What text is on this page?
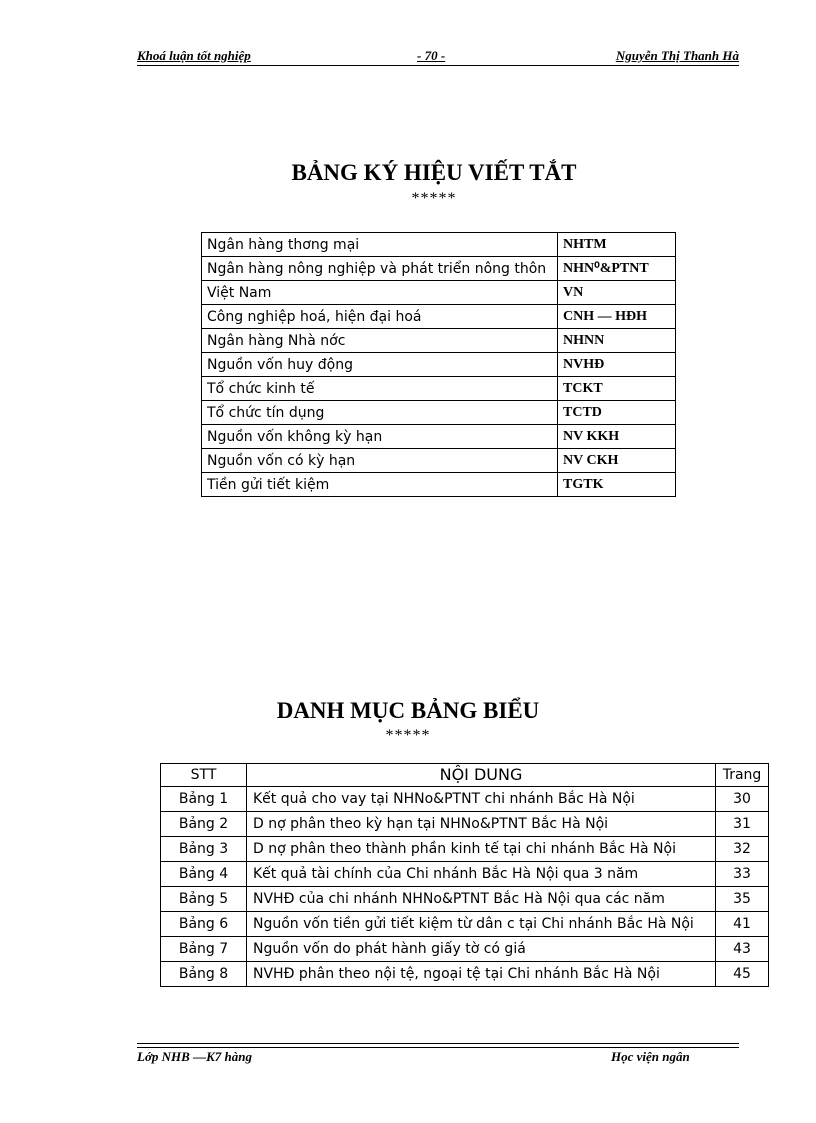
Khoá luận tốt nghiệp	- 70 -	Nguyễn Thị Thanh Hà
BẢNG KÝ HIỆU VIẾT TẮT
*****
Ngân hàng thơng mại	NHTM
Ngân hàng nông nghiệp và phát triển nông thôn	NHN⁰&PTNT
Việt Nam	VN
Công nghiệp hoá, hiện đại hoá	CNH — HĐH
Ngân hàng Nhà nớc	NHNN
Nguồn vốn huy động	NVHĐ
Tổ chức kinh tế	TCKT
Tổ chức tín dụng	TCTD
Nguồn vốn không kỳ hạn	NV KKH
Nguồn vốn có kỳ hạn	NV CKH
Tiền gửi tiết kiệm	TGTK
DANH MỤC BẢNG BIỂU
*****
STT	NỘI DUNG	Trang
Bảng 1	Kết quả cho vay tại NHNo&PTNT chi nhánh Bắc Hà Nội	30
Bảng 2	D nợ phân theo kỳ hạn tại NHNo&PTNT Bắc Hà Nội	31
Bảng 3	D nợ phân theo thành phần kinh tế tại chi nhánh Bắc Hà Nội	32
Bảng 4	Kết quả tài chính của Chi nhánh Bắc Hà Nội qua 3 năm	33
Bảng 5	NVHĐ của chi nhánh NHNo&PTNT Bắc Hà Nội qua các năm	35
Bảng 6	Nguồn vốn tiền gửi tiết kiệm từ dân c tại Chi nhánh Bắc Hà Nội	41
Bảng 7	Nguồn vốn do phát hành giấy tờ có giá	43
Bảng 8	NVHĐ phân theo nội tệ, ngoại tệ tại Chi nhánh Bắc Hà Nội	45
Lớp NHB —K7 hàng	Học viện ngân
